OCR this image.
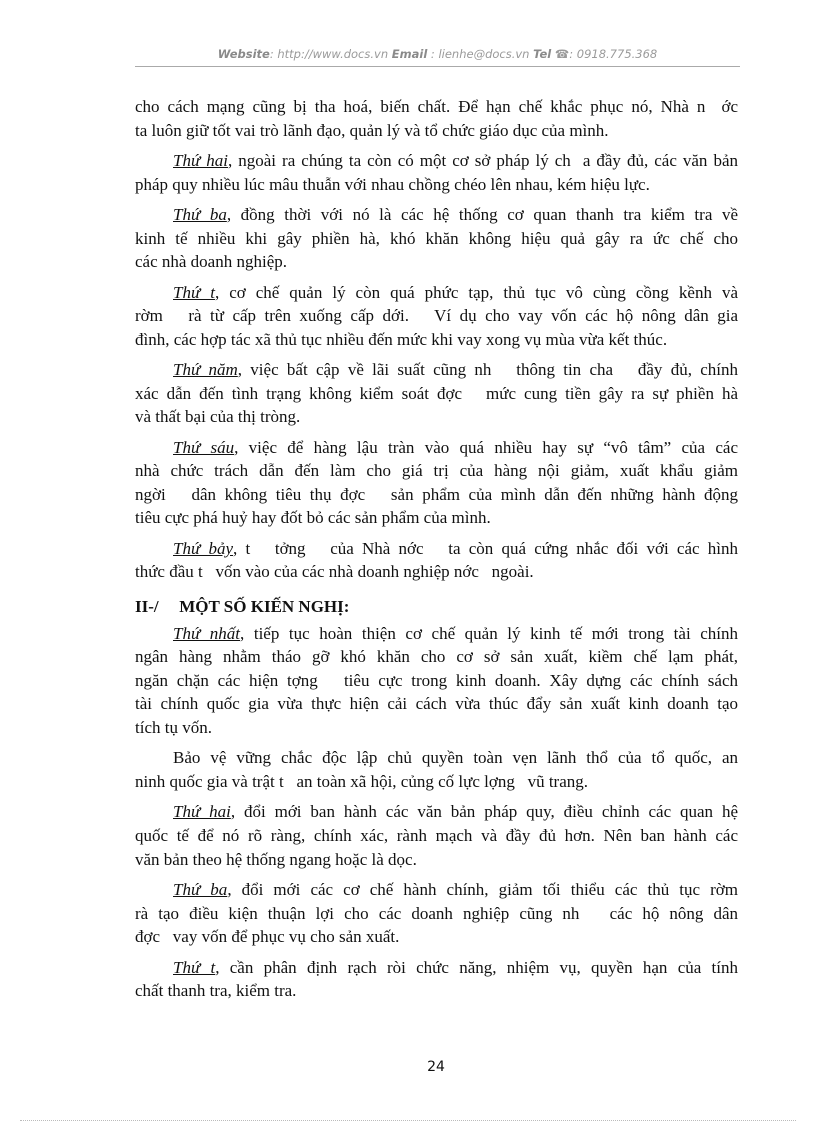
Website: http://www.docs.vn Email : lienhe@docs.vn Tel ☎: 0918.775.368
cho cách mạng cũng bị tha hoá, biến chất. Để hạn chế khắc phục nó, Nhà n  ớc
ta luôn giữ tốt vai trò lãnh đạo, quản lý và tổ chức giáo dục của mình.
Thứ hai, ngoài ra chúng ta còn có một cơ sở pháp lý ch  a đầy đủ, các văn bản
pháp quy nhiều lúc mâu thuẫn với nhau chồng chéo lên nhau, kém hiệu lực.
Thứ ba, đồng thời với nó là các hệ thống cơ quan thanh tra kiểm tra về
kinh tế nhiều khi gây phiền hà, khó khăn không hiệu quả gây ra ức chế cho
các nhà doanh nghiệp.
Thứ t, cơ chế quản lý còn quá phức tạp, thủ tục vô cùng cồng kềnh và
rờm   rà từ cấp trên xuống cấp dới.   Ví dụ cho vay vốn các hộ nông dân gia
đình, các hợp tác xã thủ tục nhiều đến mức khi vay xong vụ mùa vừa kết thúc.
Thứ năm, việc bất cập về lãi suất cũng nh   thông tin cha   đầy đủ, chính
xác dẫn đến tình trạng không kiểm soát đợc   mức cung tiền gây ra sự phiền hà
và thất bại của thị tròng.
Thứ sáu, việc để hàng lậu tràn vào quá nhiều hay sự “vô tâm” của các
nhà chức trách dẫn đến làm cho giá trị của hàng nội giảm, xuất khẩu giảm
ngời   dân không tiêu thụ đợc   sản phẩm của mình dẫn đến những hành động
tiêu cực phá huỷ hay đốt bỏ các sản phẩm của mình.
Thứ bảy, t   tởng   của Nhà nớc   ta còn quá cứng nhắc đối với các hình
thức đầu t   vốn vào của các nhà doanh nghiệp nớc   ngoài.
II-/ MỘT SỐ KIẾN NGHỊ:
Thứ nhất, tiếp tục hoàn thiện cơ chế quản lý kinh tế mới trong tài chính
ngân hàng nhằm tháo gỡ khó khăn cho cơ sở sản xuất, kiềm chế lạm phát,
ngăn chặn các hiện tợng   tiêu cực trong kinh doanh. Xây dựng các chính sách
tài chính quốc gia vừa thực hiện cải cách vừa thúc đẩy sản xuất kinh doanh tạo
tích tụ vốn.
Bảo vệ vững chắc độc lập chủ quyền toàn vẹn lãnh thổ của tổ quốc, an
ninh quốc gia và trật t   an toàn xã hội, củng cố lực lợng   vũ trang.
Thứ hai, đổi mới ban hành các văn bản pháp quy, điều chỉnh các quan hệ
quốc tế để nó rõ ràng, chính xác, rành mạch và đầy đủ hơn. Nên ban hành các
văn bản theo hệ thống ngang hoặc là dọc.
Thứ ba, đổi mới các cơ chế hành chính, giảm tối thiểu các thủ tục rờm
rà tạo điều kiện thuận lợi cho các doanh nghiệp cũng nh   các hộ nông dân
đợc   vay vốn để phục vụ cho sản xuất.
Thứ t, cần phân định rạch ròi chức năng, nhiệm vụ, quyền hạn của tính
chất thanh tra, kiểm tra.
24
